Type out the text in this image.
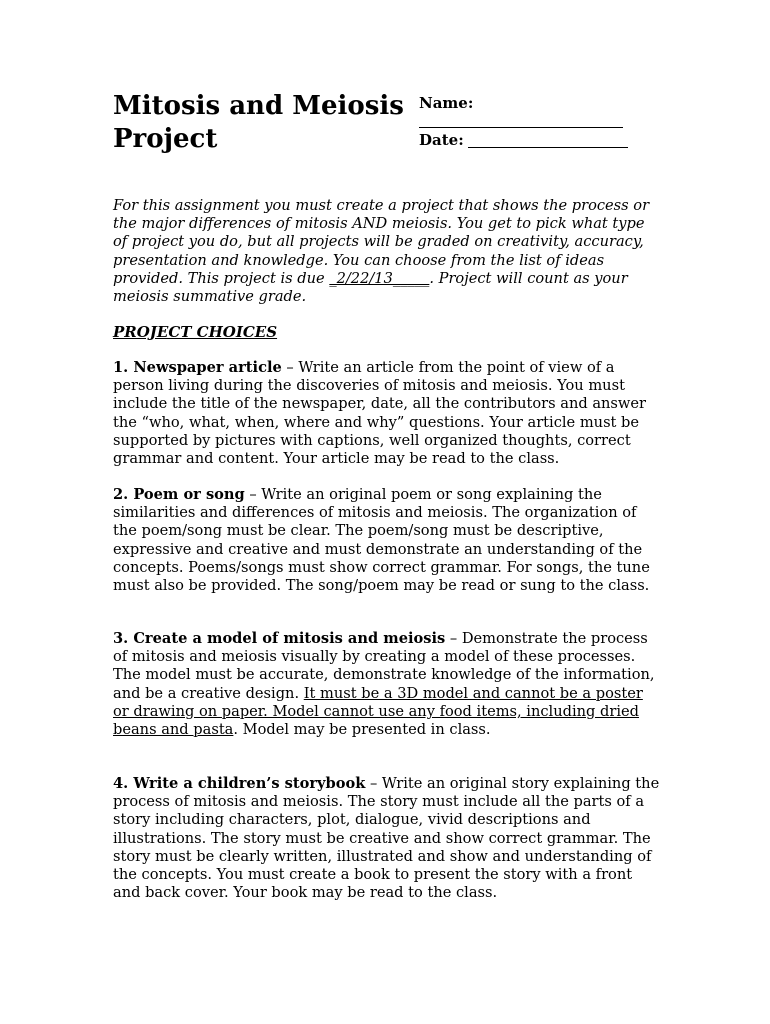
Mitosis and Meiosis
Project
Name:
Date:

For this assignment you must create a project that shows the process or the major differences of mitosis AND meiosis. You get to pick what type of project you do, but all projects will be graded on creativity, accuracy, presentation and knowledge. You can choose from the list of ideas provided. This project is due _2/22/13_____. Project will count as your meiosis summative grade.

PROJECT CHOICES

1. Newspaper article – Write an article from the point of view of a person living during the discoveries of mitosis and meiosis. You must include the title of the newspaper, date, all the contributors and answer the “who, what, when, where and why” questions. Your article must be supported by pictures with captions, well organized thoughts, correct grammar and content. Your article may be read to the class.

2. Poem or song – Write an original poem or song explaining the similarities and differences of mitosis and meiosis. The organization of the poem/song must be clear. The poem/song must be descriptive, expressive and creative and must demonstrate an understanding of the concepts. Poems/songs must show correct grammar. For songs, the tune must also be provided. The song/poem may be read or sung to the class.

3. Create a model of mitosis and meiosis – Demonstrate the process of mitosis and meiosis visually by creating a model of these processes. The model must be accurate, demonstrate knowledge of the information, and be a creative design. It must be a 3D model and cannot be a poster or drawing on paper. Model cannot use any food items, including dried beans and pasta. Model may be presented in class.

4. Write a children’s storybook – Write an original story explaining the process of mitosis and meiosis. The story must include all the parts of a story including characters, plot, dialogue, vivid descriptions and illustrations. The story must be creative and show correct grammar. The story must be clearly written, illustrated and show and understanding of the concepts. You must create a book to present the story with a front and back cover. Your book may be read to the class.
